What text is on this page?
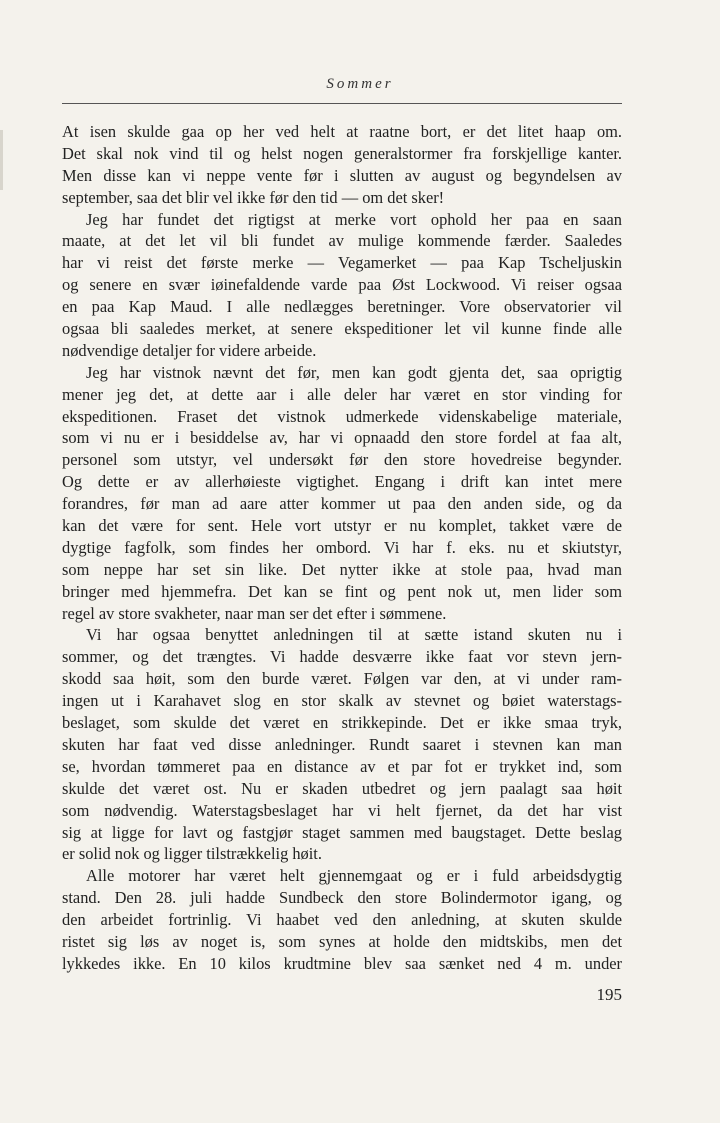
Sommer
At isen skulde gaa op her ved helt at raatne bort, er det litet haap om.
Det skal nok vind til og helst nogen generalstormer fra forskjellige kanter.
Men disse kan vi neppe vente før i slutten av august og begyndelsen av
september, saa det blir vel ikke før den tid — om det sker!
Jeg har fundet det rigtigst at merke vort ophold her paa en saan
maate, at det let vil bli fundet av mulige kommende færder. Saaledes
har vi reist det første merke — Vegamerket — paa Kap Tscheljuskin
og senere en svær iøinefaldende varde paa Øst Lockwood. Vi reiser ogsaa
en paa Kap Maud. I alle nedlægges beretninger. Vore observatorier vil
ogsaa bli saaledes merket, at senere ekspeditioner let vil kunne finde alle
nødvendige detaljer for videre arbeide.
Jeg har vistnok nævnt det før, men kan godt gjenta det, saa oprigtig
mener jeg det, at dette aar i alle deler har været en stor vinding for
ekspeditionen. Fraset det vistnok udmerkede videnskabelige materiale,
som vi nu er i besiddelse av, har vi opnaadd den store fordel at faa alt,
personel som utstyr, vel undersøkt før den store hovedreise begynder.
Og dette er av allerhøieste vigtighet. Engang i drift kan intet mere
forandres, før man ad aare atter kommer ut paa den anden side, og da
kan det være for sent. Hele vort utstyr er nu komplet, takket være de
dygtige fagfolk, som findes her ombord. Vi har f. eks. nu et skiutstyr,
som neppe har set sin like. Det nytter ikke at stole paa, hvad man
bringer med hjemmefra. Det kan se fint og pent nok ut, men lider som
regel av store svakheter, naar man ser det efter i sømmene.
Vi har ogsaa benyttet anledningen til at sætte istand skuten nu i
sommer, og det trængtes. Vi hadde desværre ikke faat vor stevn jern-
skodd saa høit, som den burde været. Følgen var den, at vi under ram-
ingen ut i Karahavet slog en stor skalk av stevnet og bøiet waterstags-
beslaget, som skulde det været en strikkepinde. Det er ikke smaa tryk,
skuten har faat ved disse anledninger. Rundt saaret i stevnen kan man
se, hvordan tømmeret paa en distance av et par fot er trykket ind, som
skulde det været ost. Nu er skaden utbedret og jern paalagt saa høit
som nødvendig. Waterstagsbeslaget har vi helt fjernet, da det har vist
sig at ligge for lavt og fastgjør staget sammen med baugstaget. Dette beslag
er solid nok og ligger tilstrækkelig høit.
Alle motorer har været helt gjennemgaat og er i fuld arbeidsdygtig
stand. Den 28. juli hadde Sundbeck den store Bolindermotor igang, og
den arbeidet fortrinlig. Vi haabet ved den anledning, at skuten skulde
ristet sig løs av noget is, som synes at holde den midtskibs, men det
lykkedes ikke. En 10 kilos krudtmine blev saa sænket ned 4 m. under
195
